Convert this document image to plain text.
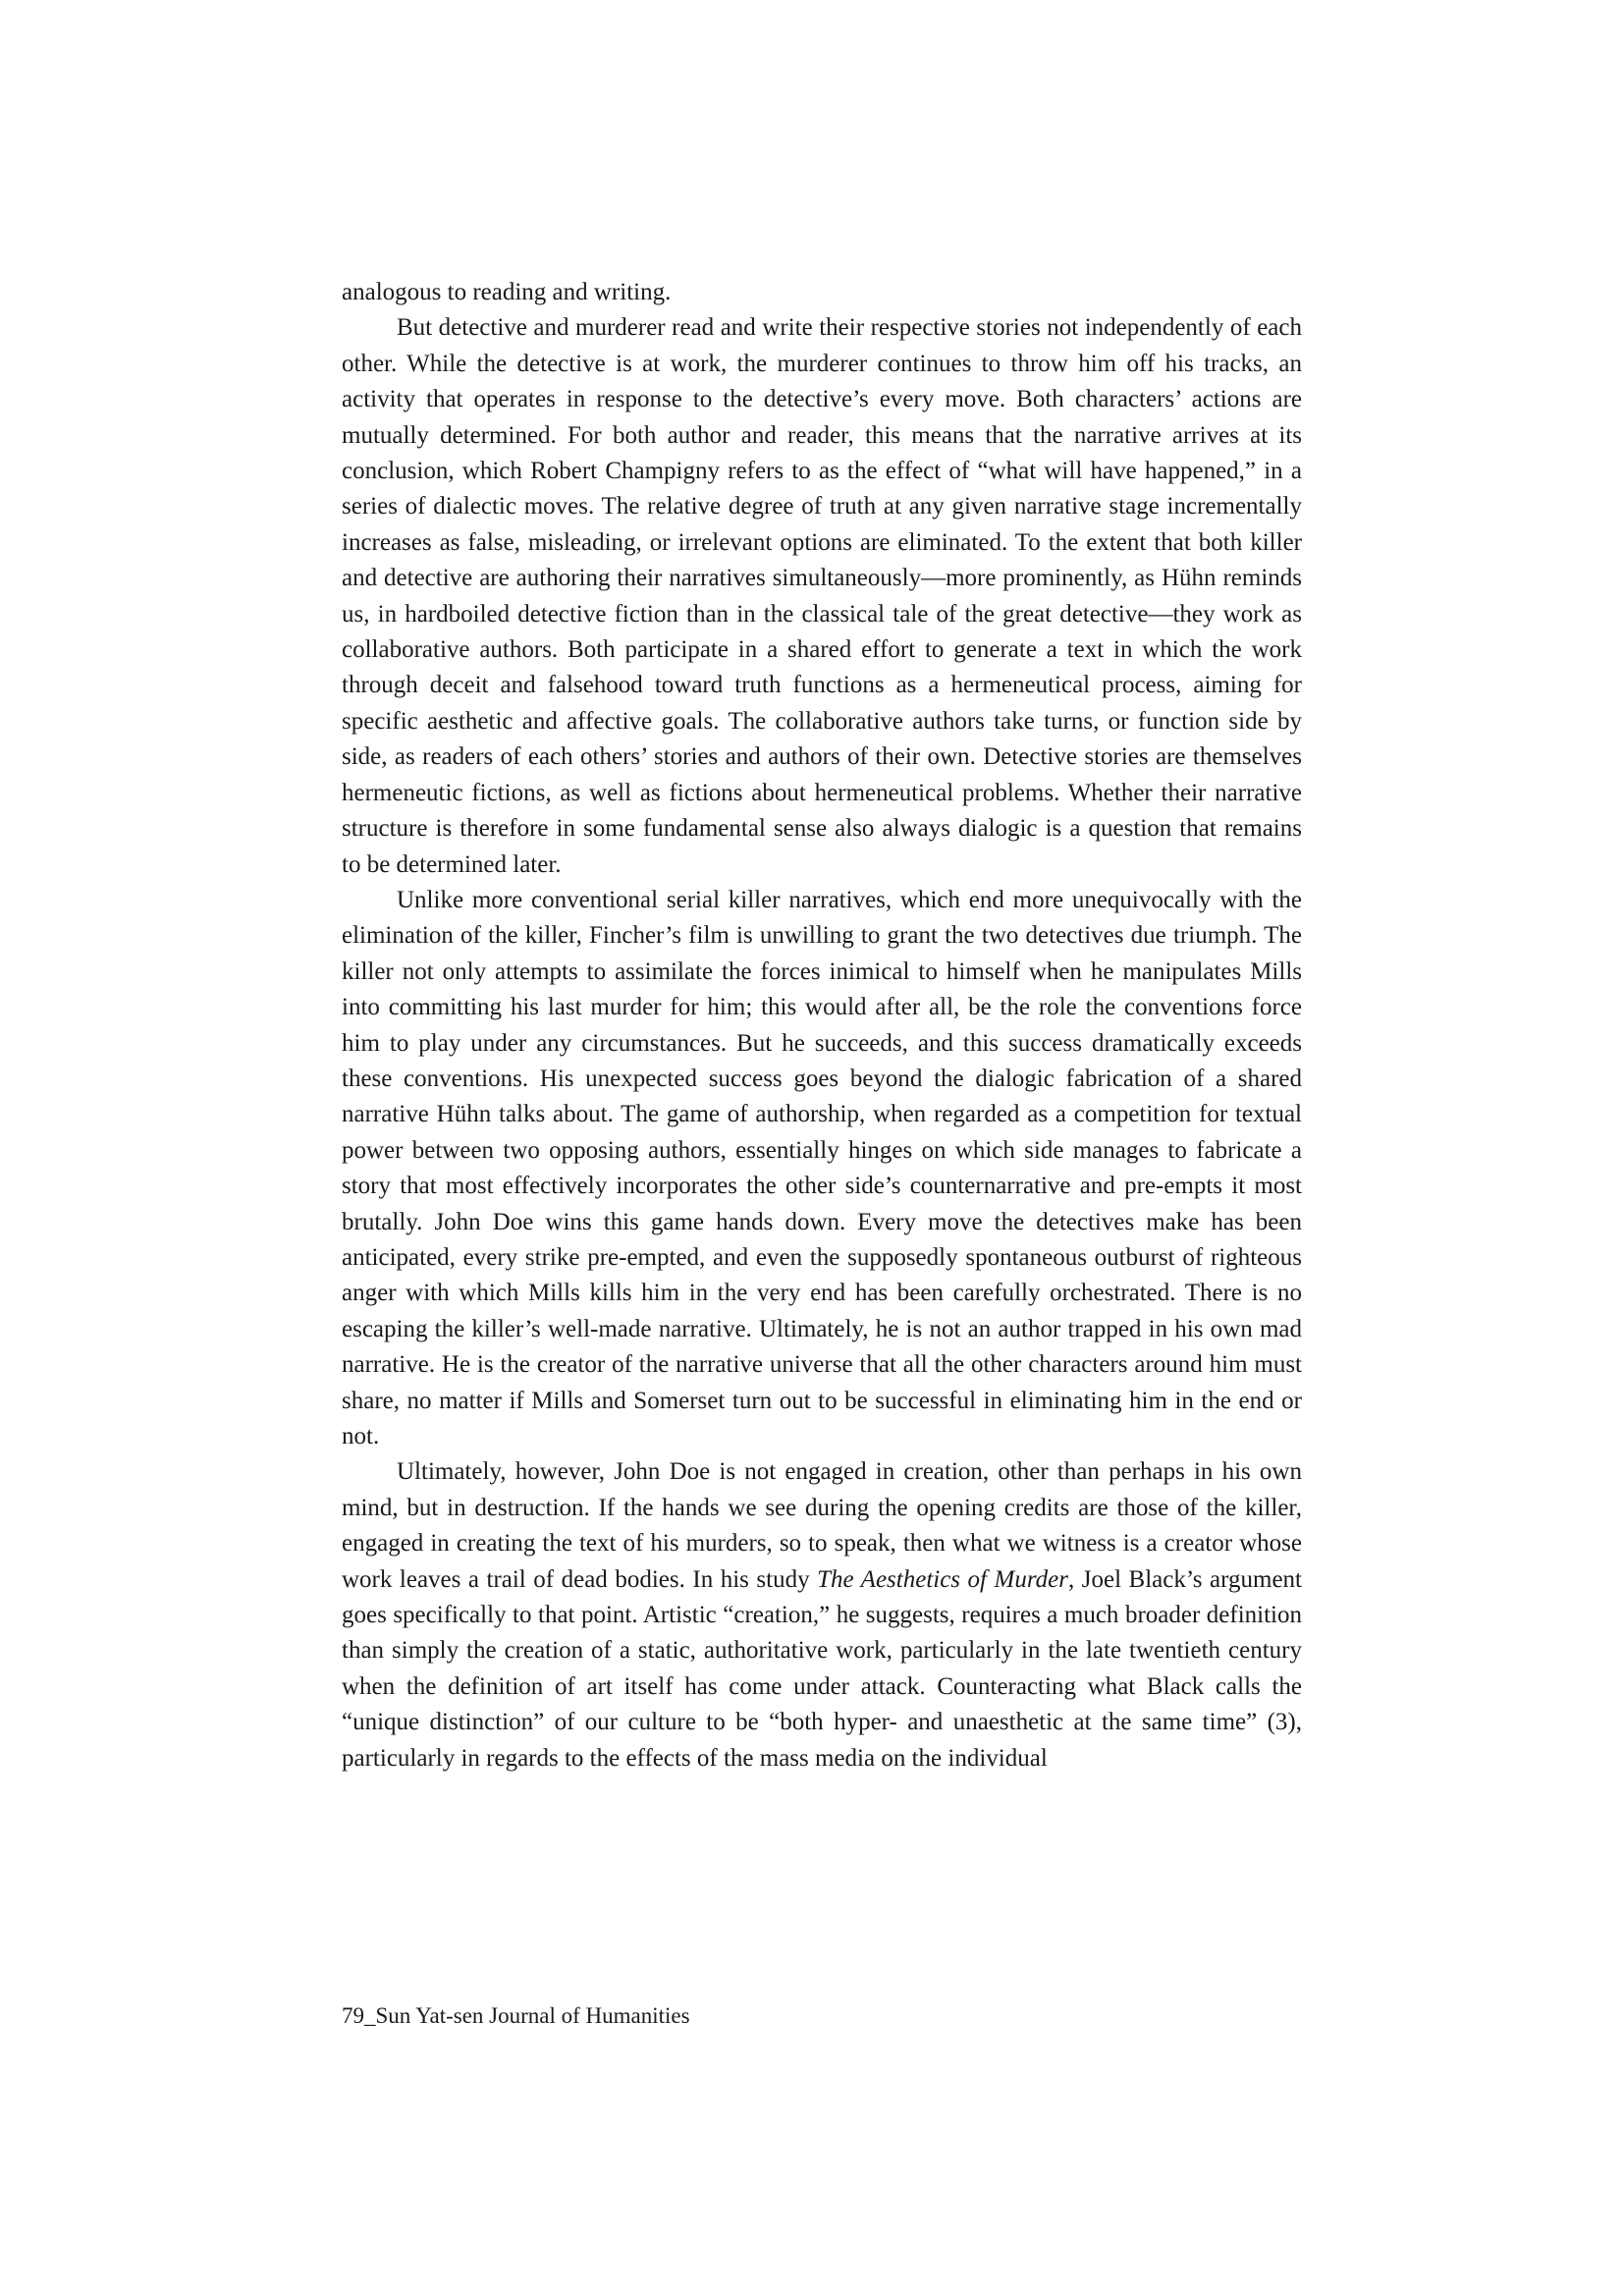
analogous to reading and writing.

But detective and murderer read and write their respective stories not independently of each other. While the detective is at work, the murderer continues to throw him off his tracks, an activity that operates in response to the detective’s every move. Both characters’ actions are mutually determined. For both author and reader, this means that the narrative arrives at its conclusion, which Robert Champigny refers to as the effect of “what will have happened,” in a series of dialectic moves. The relative degree of truth at any given narrative stage incrementally increases as false, misleading, or irrelevant options are eliminated. To the extent that both killer and detective are authoring their narratives simultaneously—more prominently, as Hühn reminds us, in hardboiled detective fiction than in the classical tale of the great detective—they work as collaborative authors. Both participate in a shared effort to generate a text in which the work through deceit and falsehood toward truth functions as a hermeneutical process, aiming for specific aesthetic and affective goals. The collaborative authors take turns, or function side by side, as readers of each others’ stories and authors of their own. Detective stories are themselves hermeneutic fictions, as well as fictions about hermeneutical problems. Whether their narrative structure is therefore in some fundamental sense also always dialogic is a question that remains to be determined later.

Unlike more conventional serial killer narratives, which end more unequivocally with the elimination of the killer, Fincher’s film is unwilling to grant the two detectives due triumph. The killer not only attempts to assimilate the forces inimical to himself when he manipulates Mills into committing his last murder for him; this would after all, be the role the conventions force him to play under any circumstances. But he succeeds, and this success dramatically exceeds these conventions. His unexpected success goes beyond the dialogic fabrication of a shared narrative Hühn talks about. The game of authorship, when regarded as a competition for textual power between two opposing authors, essentially hinges on which side manages to fabricate a story that most effectively incorporates the other side’s counternarrative and pre-empts it most brutally. John Doe wins this game hands down. Every move the detectives make has been anticipated, every strike pre-empted, and even the supposedly spontaneous outburst of righteous anger with which Mills kills him in the very end has been carefully orchestrated. There is no escaping the killer’s well-made narrative. Ultimately, he is not an author trapped in his own mad narrative. He is the creator of the narrative universe that all the other characters around him must share, no matter if Mills and Somerset turn out to be successful in eliminating him in the end or not.

Ultimately, however, John Doe is not engaged in creation, other than perhaps in his own mind, but in destruction. If the hands we see during the opening credits are those of the killer, engaged in creating the text of his murders, so to speak, then what we witness is a creator whose work leaves a trail of dead bodies. In his study The Aesthetics of Murder, Joel Black’s argument goes specifically to that point. Artistic “creation,” he suggests, requires a much broader definition than simply the creation of a static, authoritative work, particularly in the late twentieth century when the definition of art itself has come under attack. Counteracting what Black calls the “unique distinction” of our culture to be “both hyper- and unaesthetic at the same time” (3), particularly in regards to the effects of the mass media on the individual

79_Sun Yat-sen Journal of Humanities
